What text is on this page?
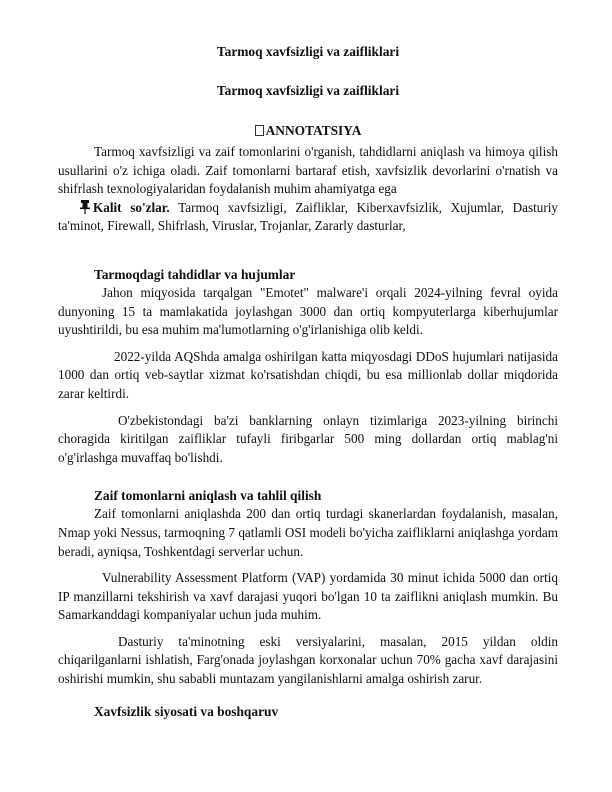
Tarmoq xavfsizligi va zaifliklari

Tarmoq xavfsizligi va zaifliklari

ANNOTATSIYA

Tarmoq xavfsizligi va zaif tomonlarini o'rganish, tahdidlarni aniqlash va himoya qilish usullarini o'z ichiga oladi. Zaif tomonlarni bartaraf etish, xavfsizlik devorlarini o'rnatish va shifrlash texnologiyalaridan foydalanish muhim ahamiyatga ega

Kalit so'zlar. Tarmoq xavfsizligi, Zaifliklar, Kiberxavfsizlik, Xujumlar, Dasturiy ta'minot, Firewall, Shifrlash, Viruslar, Trojanlar, Zararly dasturlar,

Tarmoqdagi tahdidlar va hujumlar

Jahon miqyosida tarqalgan "Emotet" malware'i orqali 2024-yilning fevral oyida dunyoning 15 ta mamlakatida joylashgan 3000 dan ortiq kompyuterlarga kiberhujumlar uyushtirildi, bu esa muhim ma'lumotlarning o'g'irlanishiga olib keldi.

2022-yilda AQShda amalga oshirilgan katta miqyosdagi DDoS hujumlari natijasida 1000 dan ortiq veb-saytlar xizmat ko'rsatishdan chiqdi, bu esa millionlab dollar miqdorida zarar keltirdi.

O'zbekistondagi ba'zi banklarning onlayn tizimlariga 2023-yilning birinchi choragida kiritilgan zaifliklar tufayli firibgarlar 500 ming dollardan ortiq mablag'ni o'g'irlashga muvaffaq bo'lishdi.

Zaif tomonlarni aniqlash va tahlil qilish

Zaif tomonlarni aniqlashda 200 dan ortiq turdagi skanerlardan foydalanish, masalan, Nmap yoki Nessus, tarmoqning 7 qatlamli OSI modeli bo'yicha zaifliklarni aniqlashga yordam beradi, ayniqsa, Toshkentdagi serverlar uchun.

Vulnerability Assessment Platform (VAP) yordamida 30 minut ichida 5000 dan ortiq IP manzillarni tekshirish va xavf darajasi yuqori bo'lgan 10 ta zaiflikni aniqlash mumkin. Bu Samarkanddagi kompaniyalar uchun juda muhim.

Dasturiy ta'minotning eski versiyalarini, masalan, 2015 yildan oldin chiqarilganlarni ishlatish, Farg'onada joylashgan korxonalar uchun 70% gacha xavf darajasini oshirishi mumkin, shu sababli muntazam yangilanishlarni amalga oshirish zarur.

Xavfsizlik siyosati va boshqaruv
